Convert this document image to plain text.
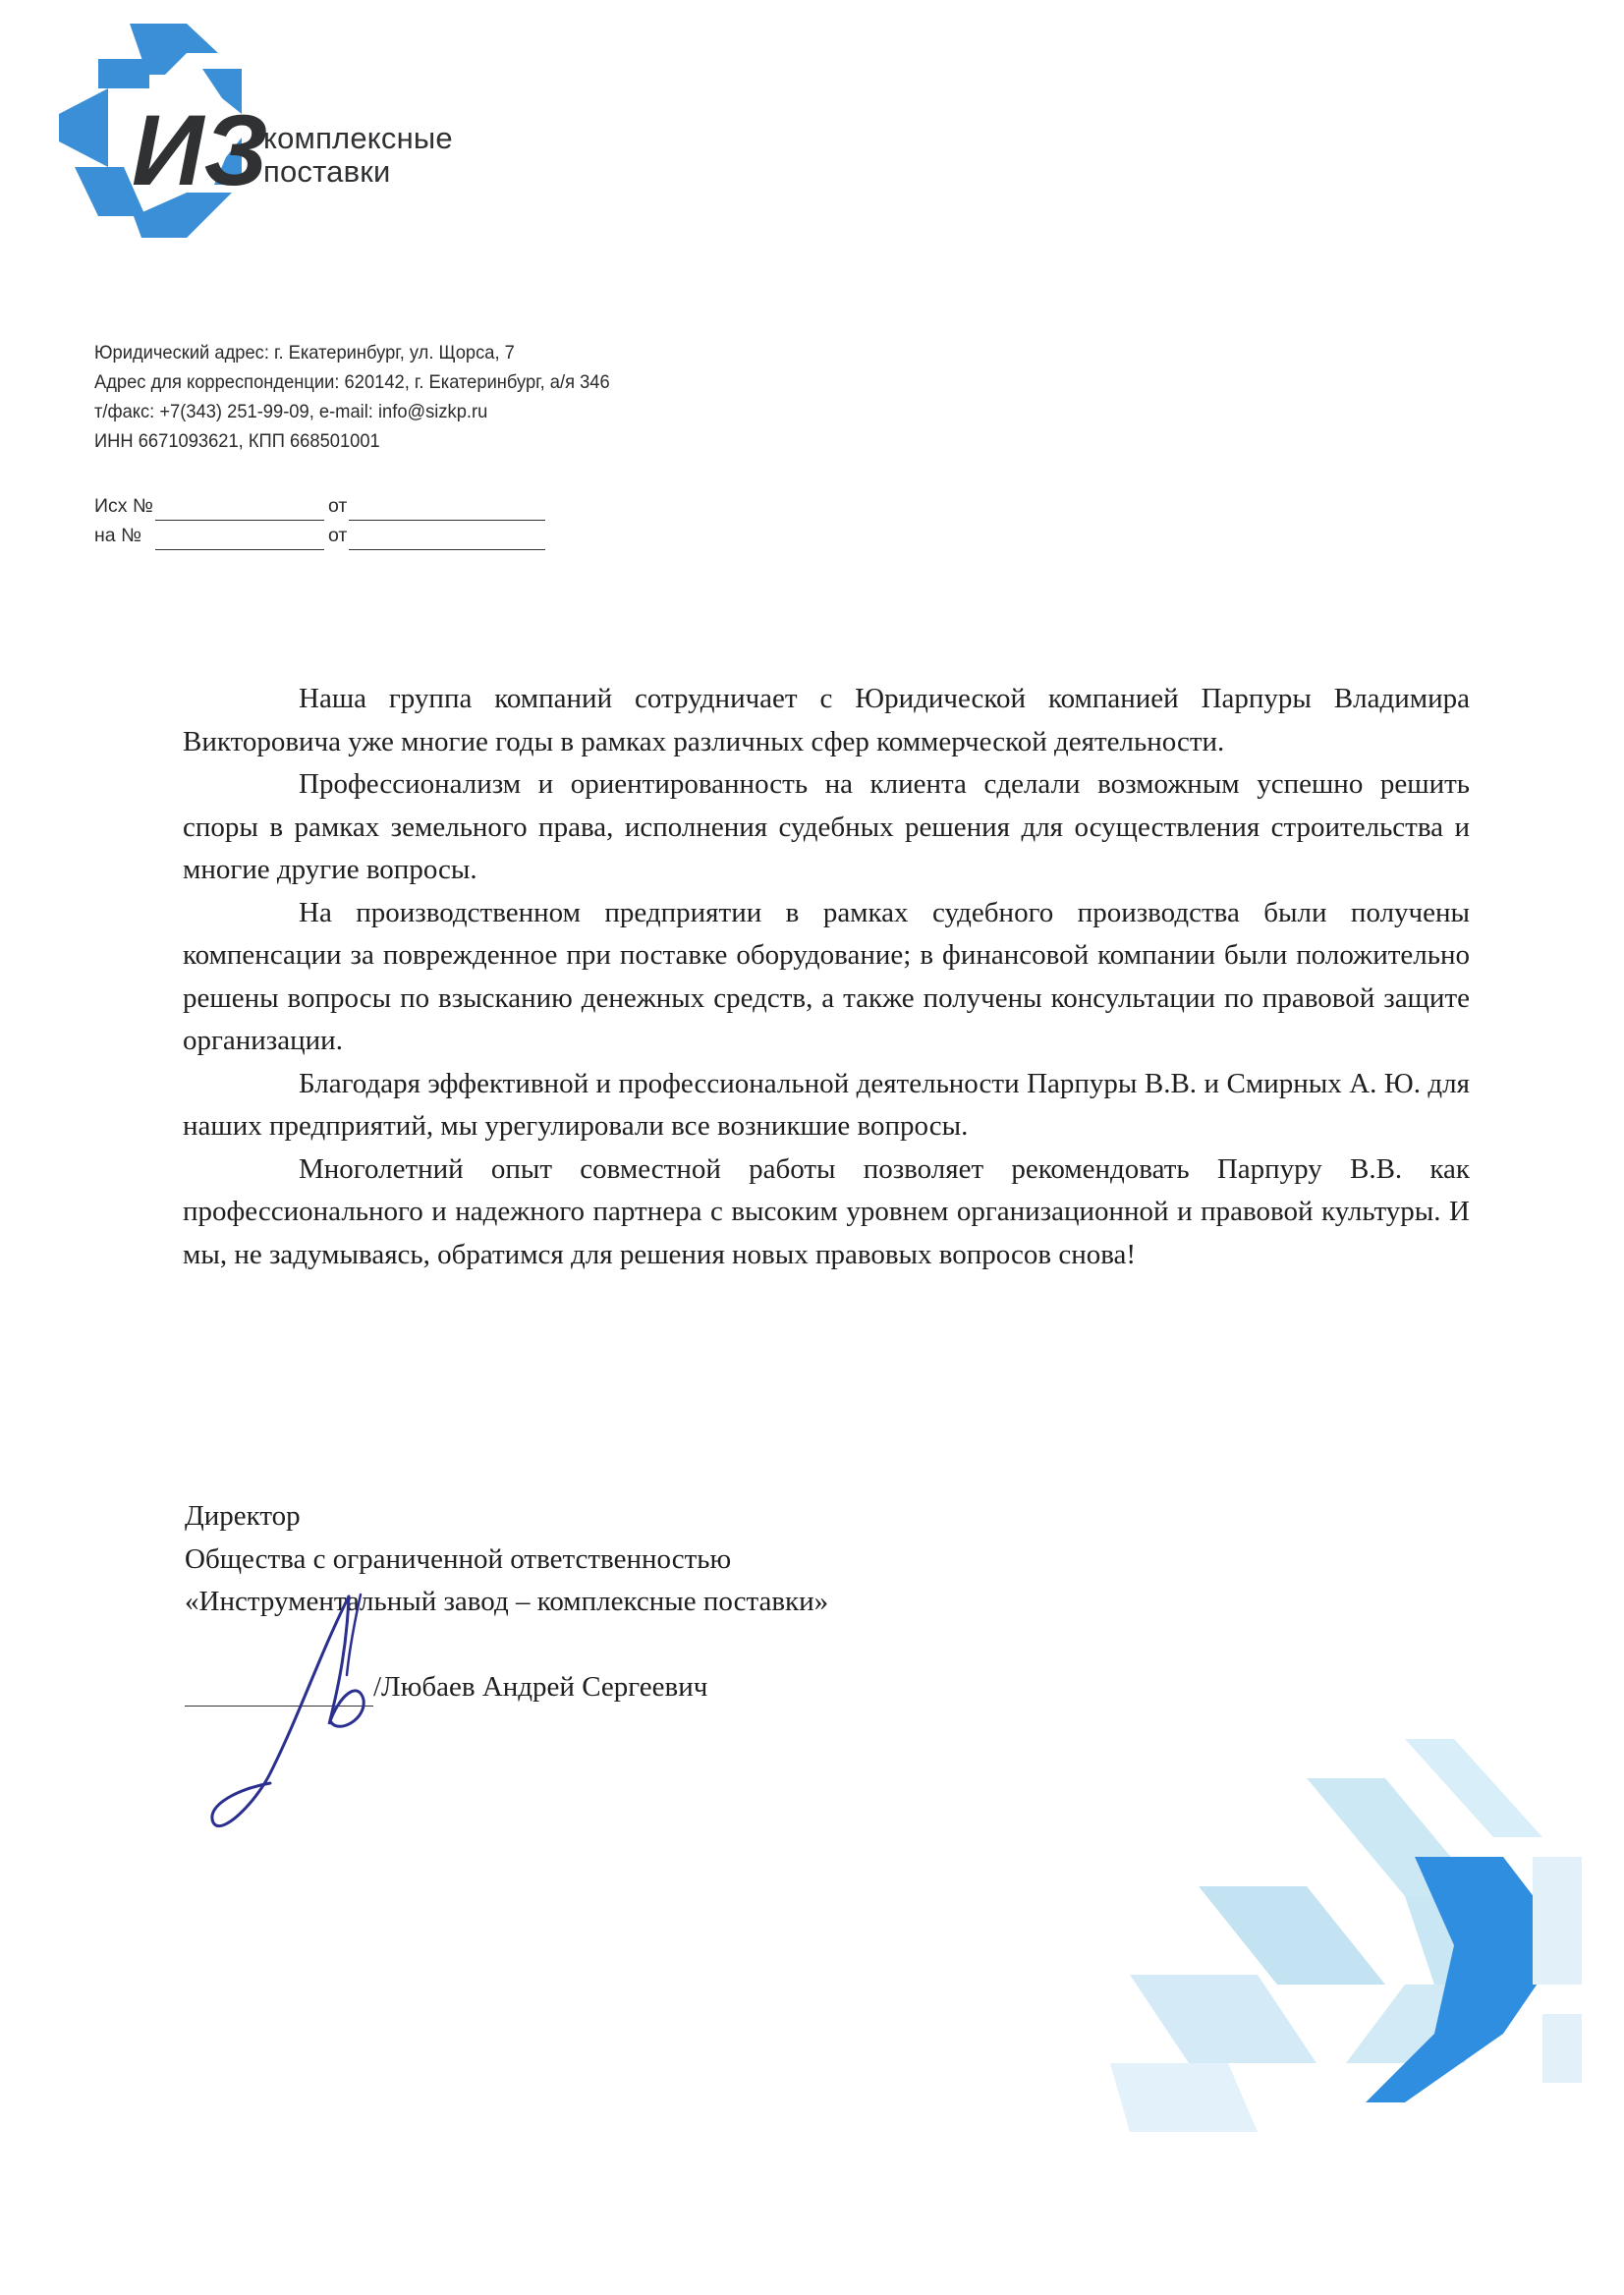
ИЗ
комплексные
поставки
Юридический адрес: г. Екатеринбург, ул. Щорса, 7
Адрес для корреспонденции: 620142, г. Екатеринбург, а/я 346
т/факс: +7(343) 251-99-09, e-mail: info@sizkp.ru
ИНН 6671093621, КПП 668501001
Исх №	от
на №	от

Наша группа компаний сотрудничает с Юридической компанией Парпуры Владимира Викторовича уже многие годы в рамках различных сфер коммерческой деятельности.

Профессионализм и ориентированность на клиента сделали возможным успешно решить споры в рамках земельного права, исполнения судебных решения для осуществления строительства и многие другие вопросы.

На производственном предприятии в рамках судебного производства были получены компенсации за поврежденное при поставке оборудование; в финансовой компании были положительно решены вопросы по взысканию денежных средств, а также получены консультации по правовой защите организации.

Благодаря эффективной и профессиональной деятельности Парпуры В.В. и Смирных А. Ю. для наших предприятий, мы урегулировали все возникшие вопросы.

Многолетний опыт совместной работы позволяет рекомендовать Парпуру В.В. как профессионального и надежного партнера с высоким уровнем организационной и правовой культуры. И мы, не задумываясь, обратимся для решения новых правовых вопросов снова!

Директор
Общества с ограниченной ответственностью
«Инструментальный завод – комплексные поставки»
/Любаев Андрей Сергеевич
